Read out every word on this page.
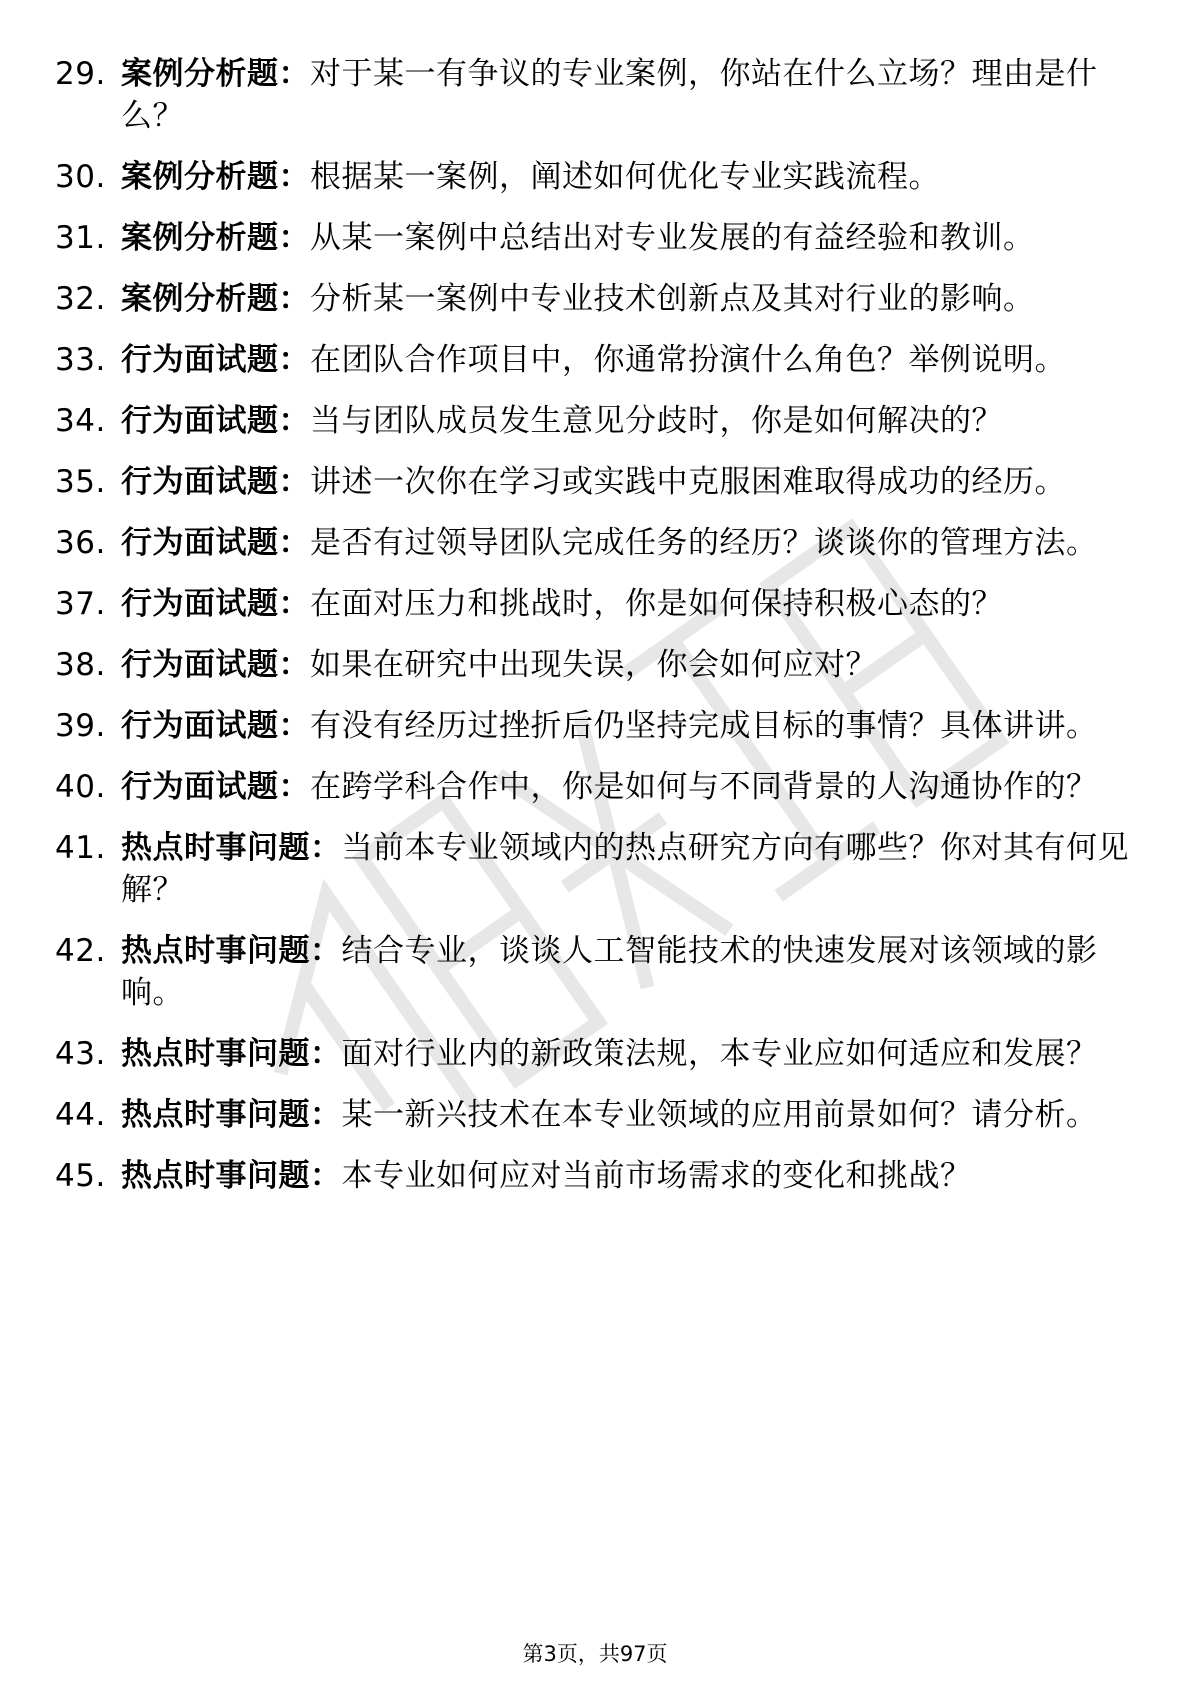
29. 案例分析题：对于某一有争议的专业案例，你站在什么立场？理由是什么？
30. 案例分析题：根据某一案例，阐述如何优化专业实践流程。
31. 案例分析题：从某一案例中总结出对专业发展的有益经验和教训。
32. 案例分析题：分析某一案例中专业技术创新点及其对行业的影响。
33. 行为面试题：在团队合作项目中，你通常扮演什么角色？举例说明。
34. 行为面试题：当与团队成员发生意见分歧时，你是如何解决的？
35. 行为面试题：讲述一次你在学习或实践中克服困难取得成功的经历。
36. 行为面试题：是否有过领导团队完成任务的经历？谈谈你的管理方法。
37. 行为面试题：在面对压力和挑战时，你是如何保持积极心态的？
38. 行为面试题：如果在研究中出现失误，你会如何应对？
39. 行为面试题：有没有经历过挫折后仍坚持完成目标的事情？具体讲讲。
40. 行为面试题：在跨学科合作中，你是如何与不同背景的人沟通协作的？
41. 热点时事问题：当前本专业领域内的热点研究方向有哪些？你对其有何见解？
42. 热点时事问题：结合专业，谈谈人工智能技术的快速发展对该领域的影响。
43. 热点时事问题：面对行业内的新政策法规，本专业应如何适应和发展？
44. 热点时事问题：某一新兴技术在本专业领域的应用前景如何？请分析。
45. 热点时事问题：本专业如何应对当前市场需求的变化和挑战？
第3页，共97页
